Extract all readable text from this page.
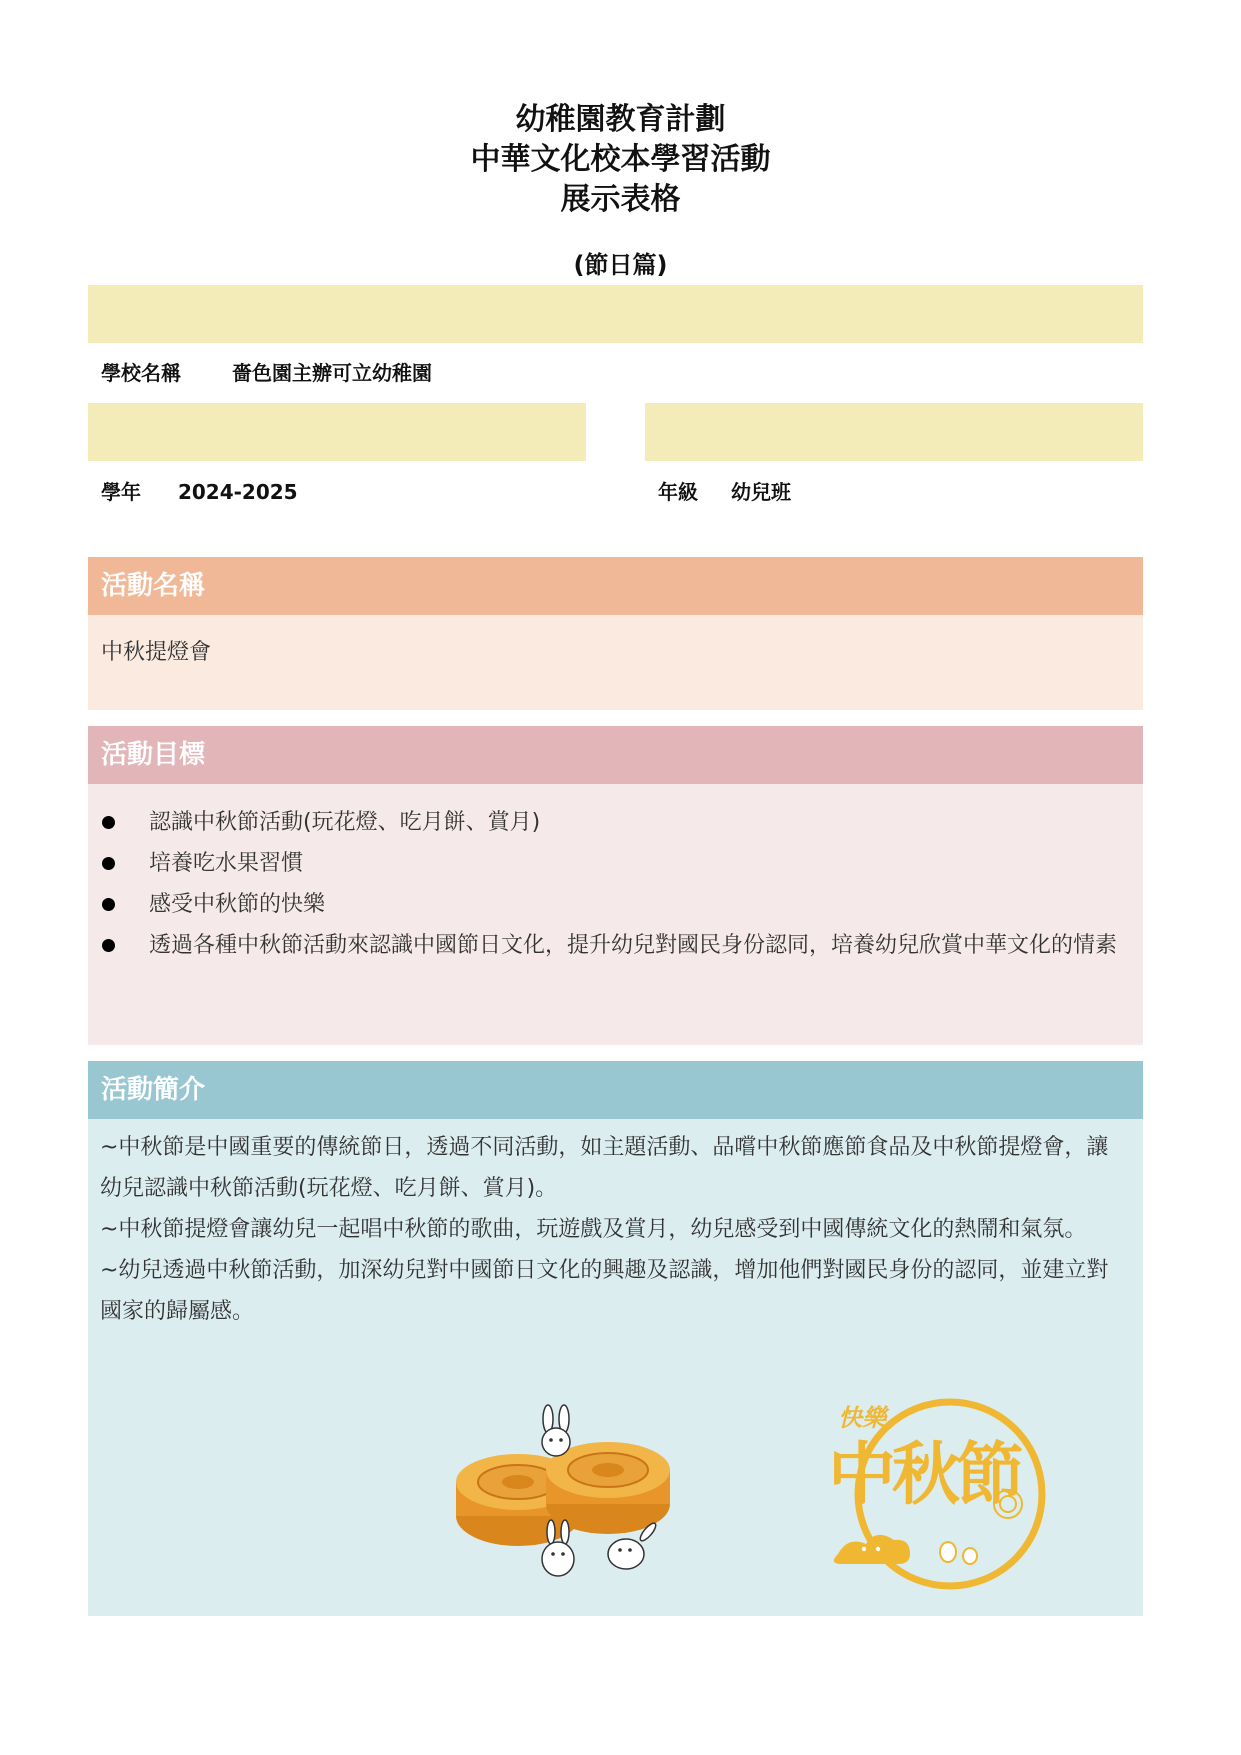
幼稚園教育計劃
中華文化校本學習活動
展示表格
(節日篇)
學校名稱	嗇色園主辦可立幼稚園
學年 2024-2025	年級 幼兒班
活動名稱
中秋提燈會
活動目標
認識中秋節活動(玩花燈、吃月餅、賞月)
培養吃水果習慣
感受中秋節的快樂
透過各種中秋節活動來認識中國節日文化，提升幼兒對國民身份認同，培養幼兒欣賞中華文化的情素
活動簡介

~中秋節是中國重要的傳統節日，透過不同活動，如主題活動、品嚐中秋節應節食品及中秋節提燈會，讓幼兒認識中秋節活動(玩花燈、吃月餅、賞月)。

~中秋節提燈會讓幼兒一起唱中秋節的歌曲，玩遊戲及賞月，幼兒感受到中國傳統文化的熱鬧和氣氛。

~幼兒透過中秋節活動，加深幼兒對中國節日文化的興趣及認識，增加他們對國民身份的認同，並建立對國家的歸屬感。

快樂
中秋節
